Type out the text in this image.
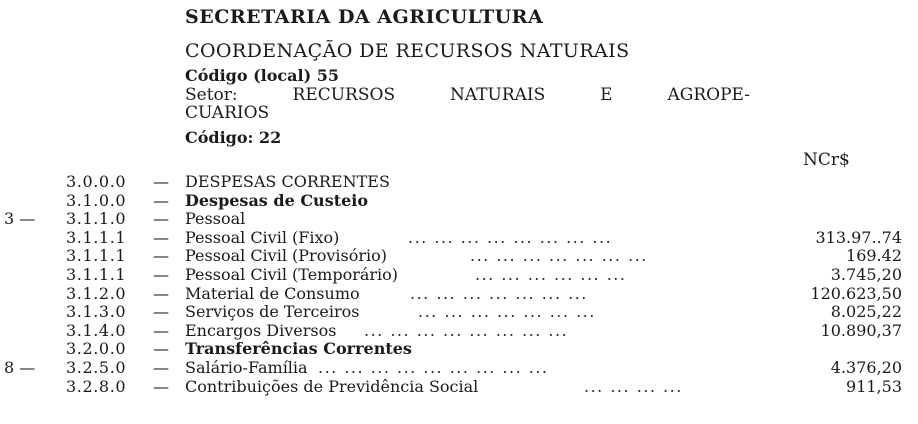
SECRETARIA DA AGRICULTURA
COORDENAÇÃO DE RECURSOS NATURAIS
Código (local) 55
Setor:	RECURSOS	NATURAIS	E	AGROPE-
CUARIOS
Código: 22
NCr$
3.0.0.0 — DESPESAS CORRENTES
3.1.0.0 — Despesas de Custeio
3 —	3.1.1.0 — Pessoal
3.1.1.1 — Pessoal Civil (Fixo)	... ... ... ... ... ... ... ...	313.97..74
3.1.1.1 — Pessoal Civil (Provisório)	... ... ... ... ... ... ...	169.42
3.1.1.1 — Pessoal Civil (Temporário)	... ... ... ... ... ...	3.745,20
3.1.2.0 — Material de Consumo	... ... ... ... ... ... ...	120.623,50
3.1.3.0 — Serviços de Terceiros	... ... ... ... ... ... ...	8.025,22
3.1.4.0 — Encargos Diversos ... ... ... ... ... ... ... ...	10.890,37
3.2.0.0 — Transferências Correntes
8 —	3.2.5.0 — Salário-Família ... ... ... ... ... ... ... ... ...	4.376,20
3.2.8.0 — Contribuições de Previdência Social	... ... ... ...	911,53
